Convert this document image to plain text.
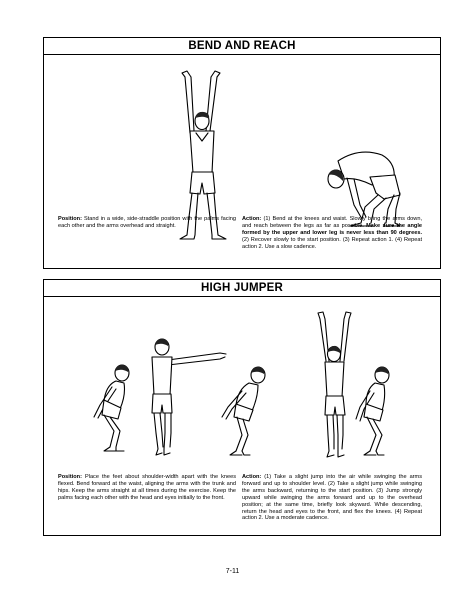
BEND AND REACH
Position: Stand in a wide, side-straddle position with the palms facing each other and the arms overhead and straight.
Action: (1) Bend at the knees and waist. Slowly bring the arms down, and reach between the legs as far as possible. Make sure the angle formed by the upper and lower leg is never less than 90 degrees. (2) Recover slowly to the start position. (3) Repeat action 1. (4) Repeat action 2. Use a slow cadence.
HIGH JUMPER
Position: Place the feet about shoulder-width apart with the knees flexed. Bend forward at the waist, aligning the arms with the trunk and hips. Keep the arms straight at all times during the exercise. Keep the palms facing each other with the head and eyes initially to the front.
Action: (1) Take a slight jump into the air while swinging the arms forward and up to shoulder level. (2) Take a slight jump while swinging the arms backward, returning to the start position. (3) Jump strongly upward while swinging the arms forward and up to the overhead position; at the same time, briefly look skyward. While descending, return the head and eyes to the front, and flex the knees. (4) Repeat action 2. Use a moderate cadence.
7-11
